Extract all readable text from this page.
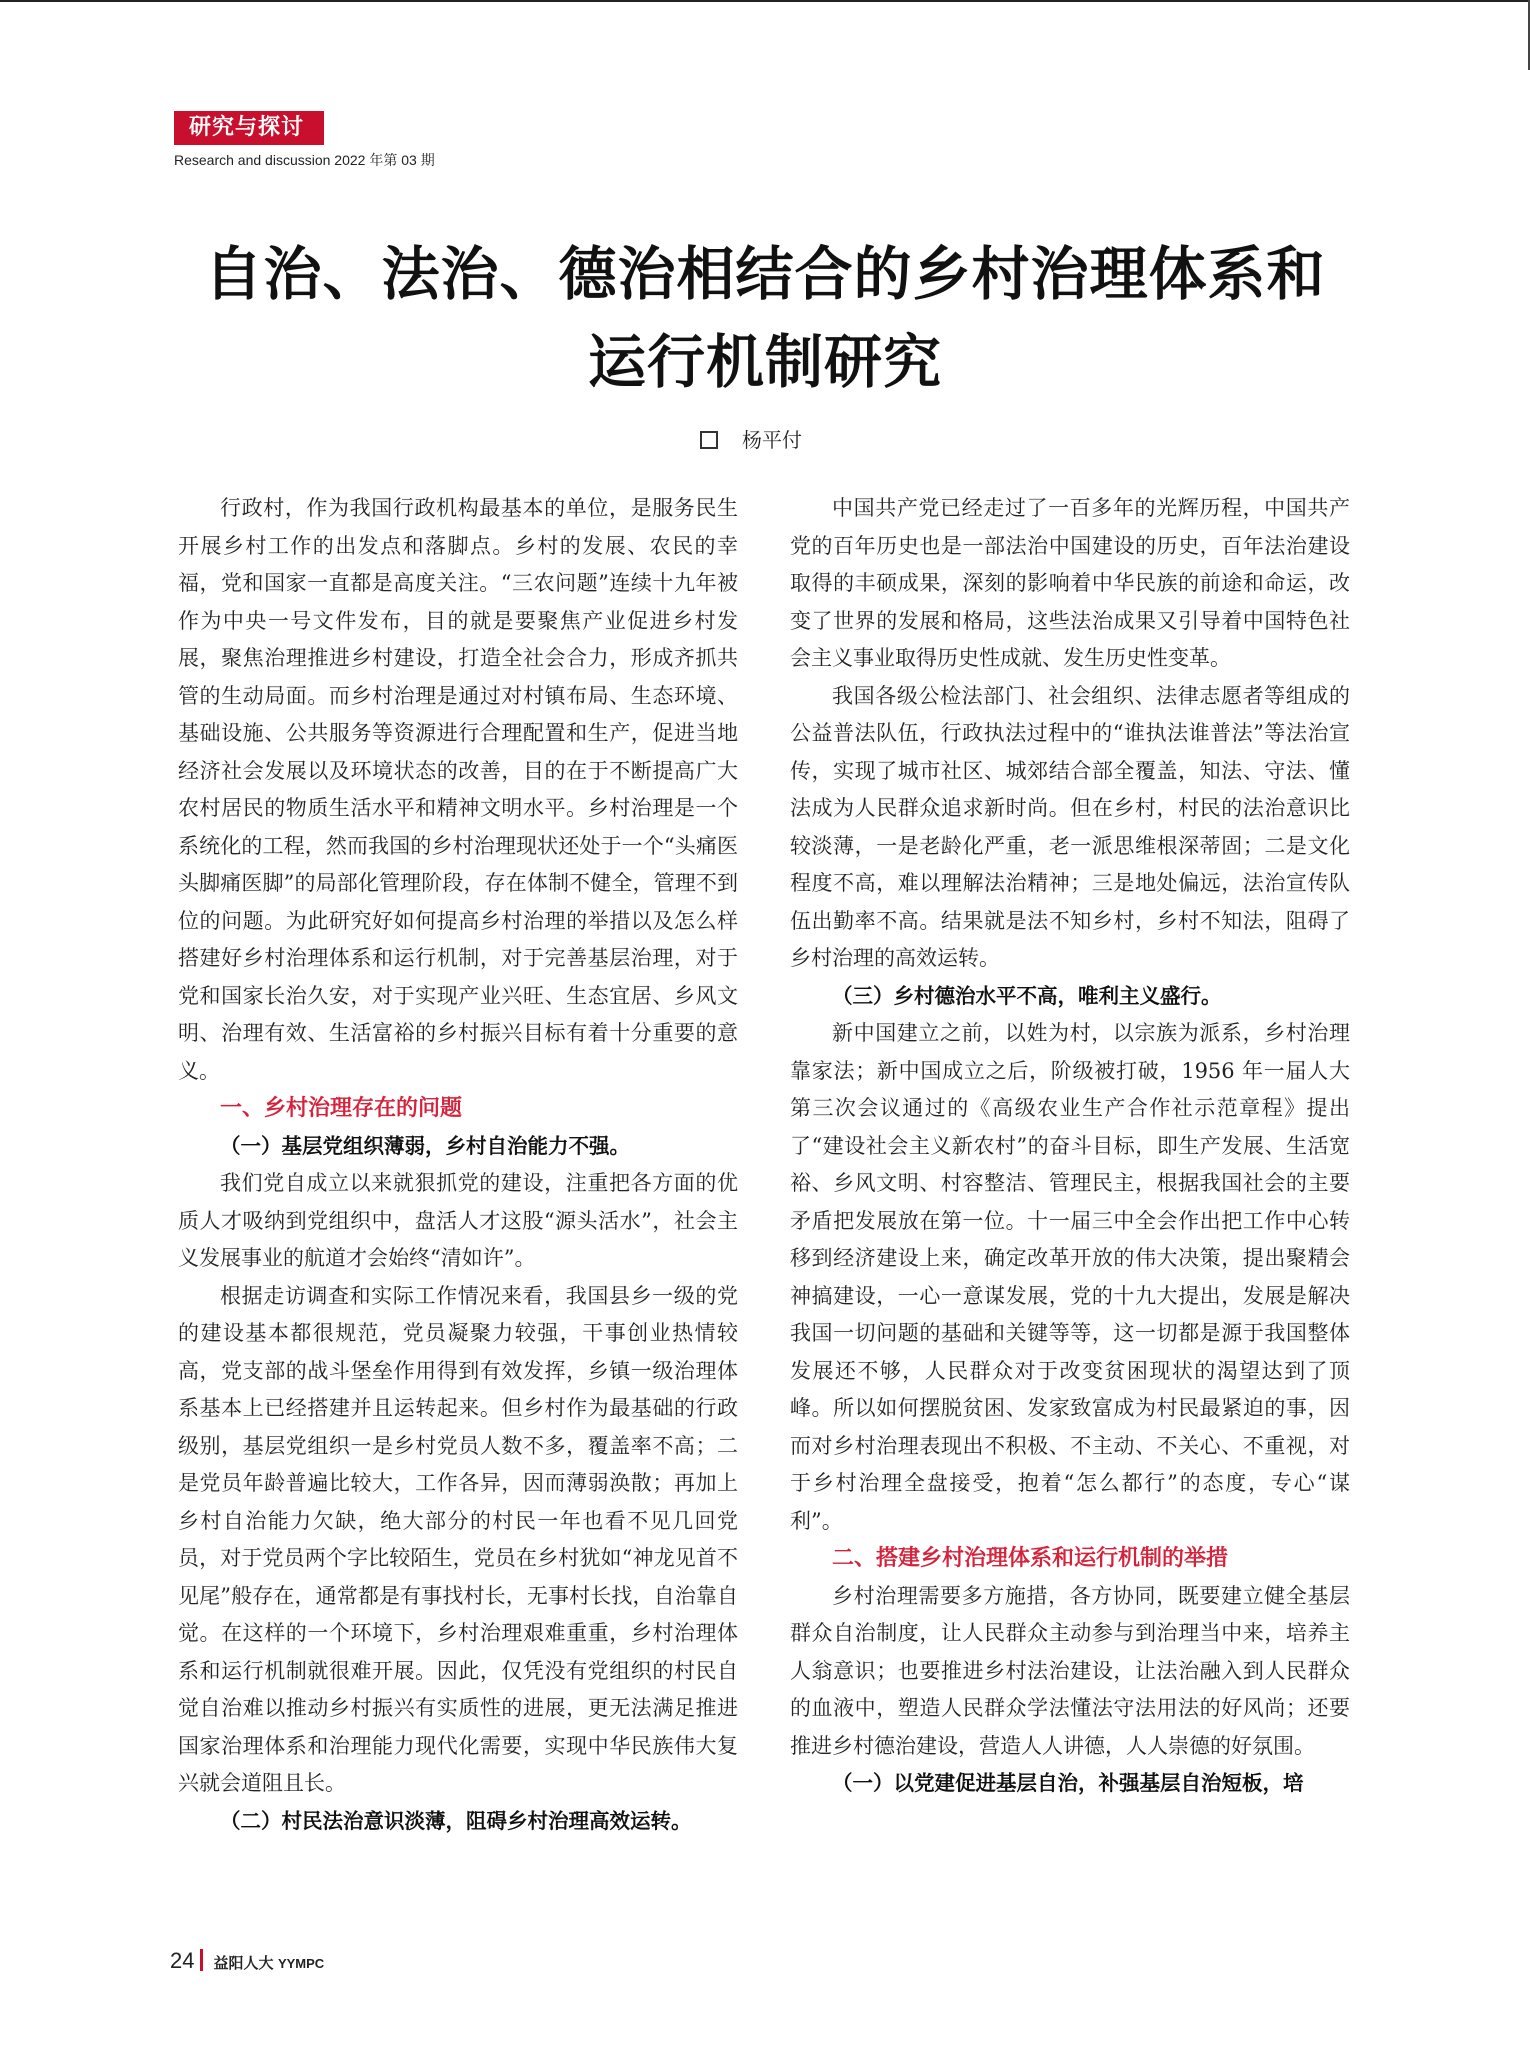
研究与探讨
Research and discussion 2022 年第 03 期
自治、法治、德治相结合的乡村治理体系和
运行机制研究
杨平付

行政村，作为我国行政机构最基本的单位，是服务民生开展乡村工作的出发点和落脚点。乡村的发展、农民的幸福，党和国家一直都是高度关注。“三农问题”连续十九年被作为中央一号文件发布，目的就是要聚焦产业促进乡村发展，聚焦治理推进乡村建设，打造全社会合力，形成齐抓共管的生动局面。而乡村治理是通过对村镇布局、生态环境、基础设施、公共服务等资源进行合理配置和生产，促进当地经济社会发展以及环境状态的改善，目的在于不断提高广大农村居民的物质生活水平和精神文明水平。乡村治理是一个系统化的工程，然而我国的乡村治理现状还处于一个“头痛医头脚痛医脚”的局部化管理阶段，存在体制不健全，管理不到位的问题。为此研究好如何提高乡村治理的举措以及怎么样搭建好乡村治理体系和运行机制，对于完善基层治理，对于党和国家长治久安，对于实现产业兴旺、生态宜居、乡风文明、治理有效、生活富裕的乡村振兴目标有着十分重要的意义。

一、乡村治理存在的问题
（一）基层党组织薄弱，乡村自治能力不强。

我们党自成立以来就狠抓党的建设，注重把各方面的优质人才吸纳到党组织中，盘活人才这股“源头活水”，社会主义发展事业的航道才会始终“清如许”。

根据走访调查和实际工作情况来看，我国县乡一级的党的建设基本都很规范，党员凝聚力较强，干事创业热情较高，党支部的战斗堡垒作用得到有效发挥，乡镇一级治理体系基本上已经搭建并且运转起来。但乡村作为最基础的行政级别，基层党组织一是乡村党员人数不多，覆盖率不高；二是党员年龄普遍比较大，工作各异，因而薄弱涣散；再加上乡村自治能力欠缺，绝大部分的村民一年也看不见几回党员，对于党员两个字比较陌生，党员在乡村犹如“神龙见首不见尾”般存在，通常都是有事找村长，无事村长找，自治靠自觉。在这样的一个环境下，乡村治理艰难重重，乡村治理体系和运行机制就很难开展。因此，仅凭没有党组织的村民自觉自治难以推动乡村振兴有实质性的进展，更无法满足推进国家治理体系和治理能力现代化需要，实现中华民族伟大复兴就会道阻且长。

（二）村民法治意识淡薄，阻碍乡村治理高效运转。

中国共产党已经走过了一百多年的光辉历程，中国共产党的百年历史也是一部法治中国建设的历史，百年法治建设取得的丰硕成果，深刻的影响着中华民族的前途和命运，改变了世界的发展和格局，这些法治成果又引导着中国特色社会主义事业取得历史性成就、发生历史性变革。

我国各级公检法部门、社会组织、法律志愿者等组成的公益普法队伍，行政执法过程中的“谁执法谁普法”等法治宣传，实现了城市社区、城郊结合部全覆盖，知法、守法、懂法成为人民群众追求新时尚。但在乡村，村民的法治意识比较淡薄，一是老龄化严重，老一派思维根深蒂固；二是文化程度不高，难以理解法治精神；三是地处偏远，法治宣传队伍出勤率不高。结果就是法不知乡村，乡村不知法，阻碍了乡村治理的高效运转。

（三）乡村德治水平不高，唯利主义盛行。

新中国建立之前，以姓为村，以宗族为派系，乡村治理靠家法；新中国成立之后，阶级被打破，1956 年一届人大第三次会议通过的《高级农业生产合作社示范章程》提出了“建设社会主义新农村”的奋斗目标，即生产发展、生活宽裕、乡风文明、村容整洁、管理民主，根据我国社会的主要矛盾把发展放在第一位。十一届三中全会作出把工作中心转移到经济建设上来，确定改革开放的伟大决策，提出聚精会神搞建设，一心一意谋发展，党的十九大提出，发展是解决我国一切问题的基础和关键等等，这一切都是源于我国整体发展还不够，人民群众对于改变贫困现状的渴望达到了顶峰。所以如何摆脱贫困、发家致富成为村民最紧迫的事，因而对乡村治理表现出不积极、不主动、不关心、不重视，对于乡村治理全盘接受，抱着“怎么都行”的态度，专心“谋利”。

二、搭建乡村治理体系和运行机制的举措

乡村治理需要多方施措，各方协同，既要建立健全基层群众自治制度，让人民群众主动参与到治理当中来，培养主人翁意识；也要推进乡村法治建设，让法治融入到人民群众的血液中，塑造人民群众学法懂法守法用法的好风尚；还要推进乡村德治建设，营造人人讲德，人人崇德的好氛围。

（一）以党建促进基层自治，补强基层自治短板，培
24 益阳人大 YYMPC
